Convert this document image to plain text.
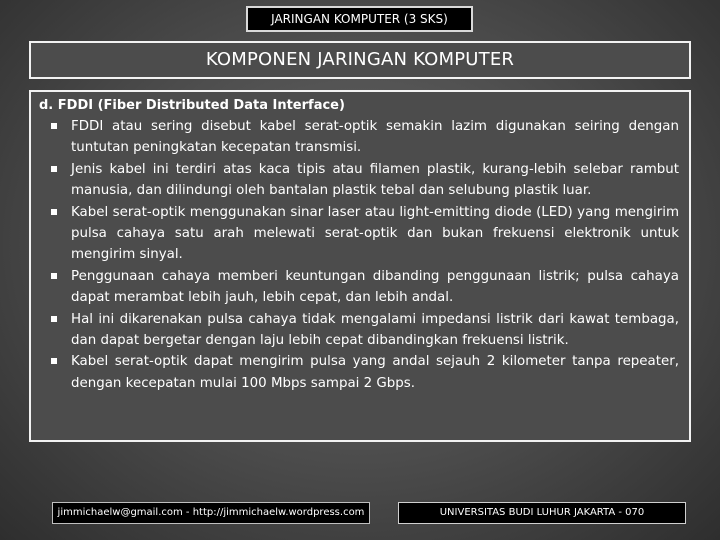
JARINGAN KOMPUTER (3 SKS)
KOMPONEN JARINGAN KOMPUTER
d. FDDI (Fiber Distributed Data Interface)
FDDI atau sering disebut kabel serat-optik semakin lazim digunakan seiring dengan tuntutan peningkatan kecepatan transmisi.
Jenis kabel ini terdiri atas kaca tipis atau filamen plastik, kurang-lebih selebar rambut manusia, dan dilindungi oleh bantalan plastik tebal dan selubung plastik luar.
Kabel serat-optik menggunakan sinar laser atau light-emitting diode (LED) yang mengirim pulsa cahaya satu arah melewati serat-optik dan bukan frekuensi elektronik untuk mengirim sinyal.
Penggunaan cahaya memberi keuntungan dibanding penggunaan listrik; pulsa cahaya dapat merambat lebih jauh, lebih cepat, dan lebih andal.
Hal ini dikarenakan pulsa cahaya tidak mengalami impedansi listrik dari kawat tembaga, dan dapat bergetar dengan laju lebih cepat dibandingkan frekuensi listrik.
Kabel serat-optik dapat mengirim pulsa yang andal sejauh 2 kilometer tanpa repeater, dengan kecepatan mulai 100 Mbps sampai 2 Gbps.
jimmichaelw@gmail.com - http://jimmichaelw.wordpress.com	UNIVERSITAS BUDI LUHUR JAKARTA - 070
